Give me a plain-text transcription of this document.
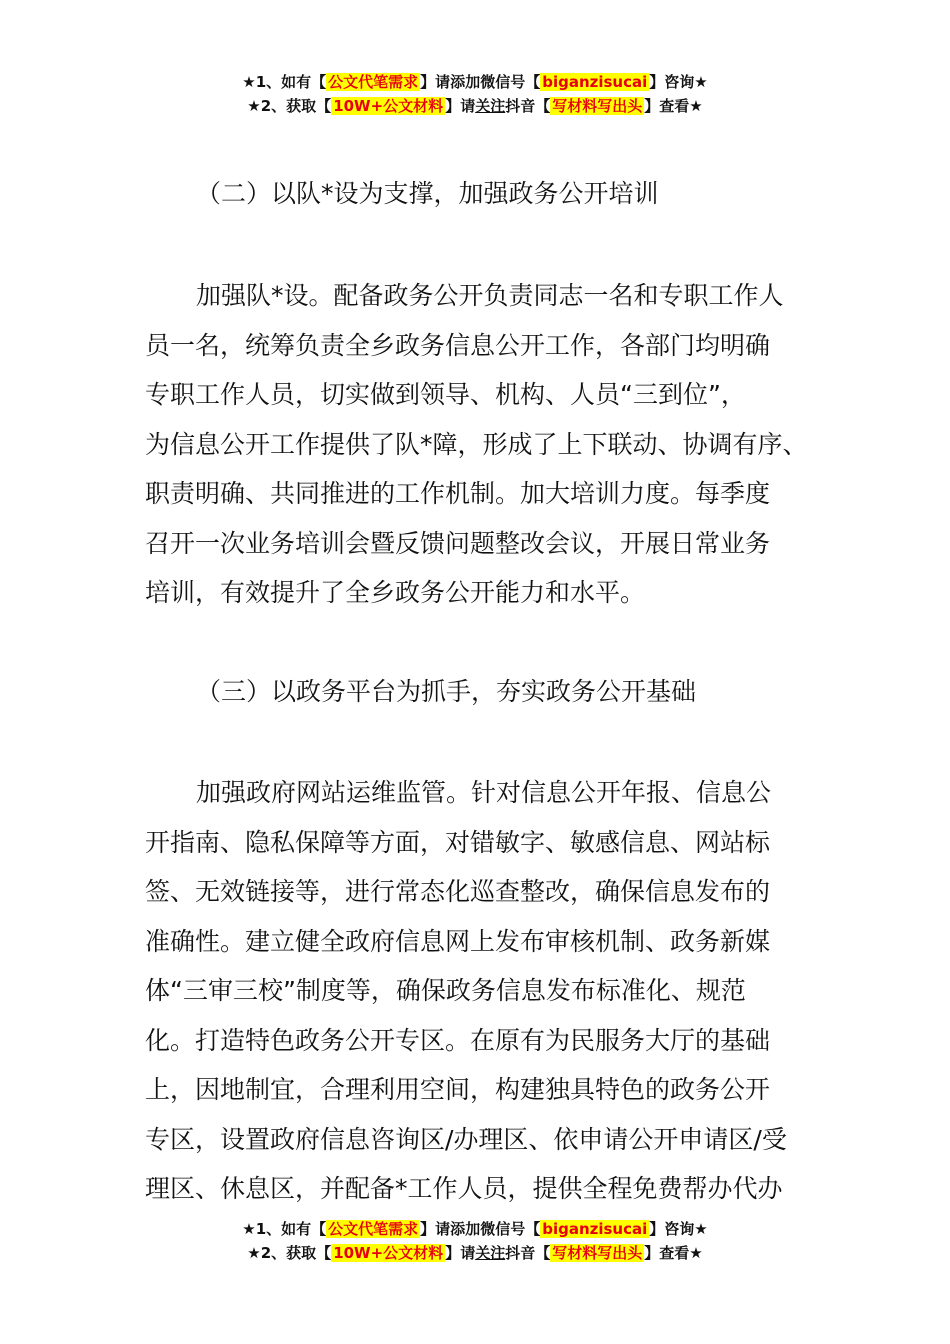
★1、如有【 公文代笔需求 】请添加微信号【 biganzisucai 】咨询★
★2、获取【 10W+公文材料 】请关注抖音【 写材料写出头 】查看★
（二）以队*设为支撑，加强政务公开培训
加强队*设。配备政务公开负责同志一名和专职工作人
员一名，统筹负责全乡政务信息公开工作，各部门均明确
专职工作人员，切实做到领导、机构、人员“三到位”，
为信息公开工作提供了队*障，形成了上下联动、协调有序、
职责明确、共同推进的工作机制。加大培训力度。每季度
召开一次业务培训会暨反馈问题整改会议，开展日常业务
培训，有效提升了全乡政务公开能力和水平。
（三）以政务平台为抓手，夯实政务公开基础
加强政府网站运维监管。针对信息公开年报、信息公
开指南、隐私保障等方面，对错敏字、敏感信息、网站标
签、无效链接等，进行常态化巡查整改，确保信息发布的
准确性。建立健全政府信息网上发布审核机制、政务新媒
体“三审三校”制度等，确保政务信息发布标准化、规范
化。打造特色政务公开专区。在原有为民服务大厅的基础
上，因地制宜，合理利用空间，构建独具特色的政务公开
专区，设置政府信息咨询区/办理区、依申请公开申请区/受
理区、休息区，并配备*工作人员，提供全程免费帮办代办
★1、如有【 公文代笔需求 】请添加微信号【 biganzisucai 】咨询★
★2、获取【 10W+公文材料 】请关注抖音【 写材料写出头 】查看★
